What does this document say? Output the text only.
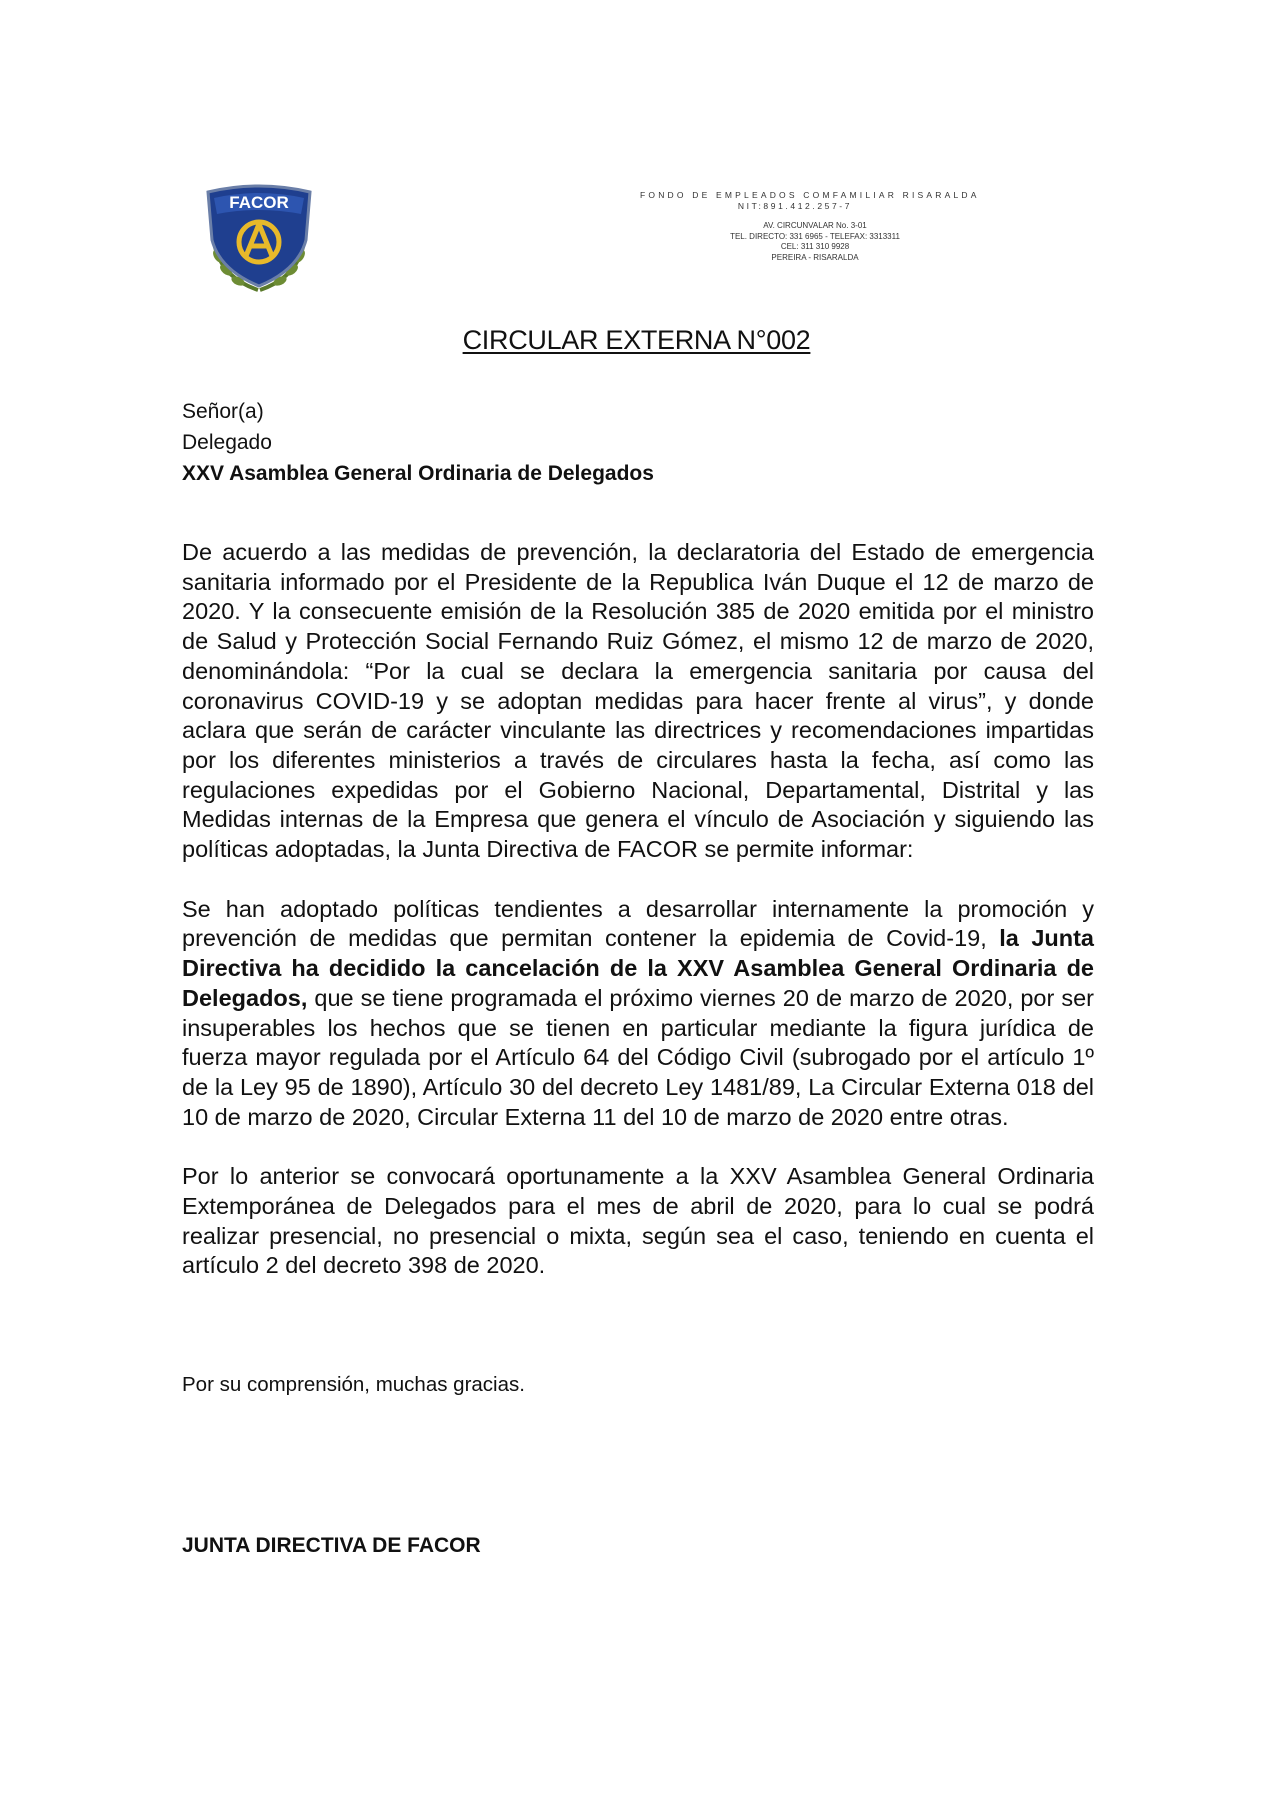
FACOR	FONDO DE EMPLEADOS COMFAMILIAR RISARALDA
NIT:891.412.257-7
AV. CIRCUNVALAR No. 3-01
TEL. DIRECTO: 331 6965 - TELEFAX: 3313311
CEL: 311 310 9928
PEREIRA - RISARALDA
CIRCULAR EXTERNA N°002
Señor(a)
Delegado
XXV Asamblea General Ordinaria de Delegados

De acuerdo a las medidas de prevención, la declaratoria del Estado de emergencia sanitaria informado por el Presidente de la Republica Iván Duque el 12 de marzo de 2020. Y la consecuente emisión de la Resolución 385 de 2020 emitida por el ministro de Salud y Protección Social Fernando Ruiz Gómez, el mismo 12 de marzo de 2020, denominándola: “Por la cual se declara la emergencia sanitaria por causa del coronavirus COVID-19 y se adoptan medidas para hacer frente al virus”, y donde aclara que serán de carácter vinculante las directrices y recomendaciones impartidas por los diferentes ministerios a través de circulares hasta la fecha, así como las regulaciones expedidas por el Gobierno Nacional, Departamental, Distrital y las Medidas internas de la Empresa que genera el vínculo de Asociación y siguiendo las políticas adoptadas, la Junta Directiva de FACOR se permite informar:

Se han adoptado políticas tendientes a desarrollar internamente la promoción y prevención de medidas que permitan contener la epidemia de Covid-19, la Junta Directiva ha decidido la cancelación de la XXV Asamblea General Ordinaria de Delegados, que se tiene programada el próximo viernes 20 de marzo de 2020, por ser insuperables los hechos que se tienen en particular mediante la figura jurídica de fuerza mayor regulada por el Artículo 64 del Código Civil (subrogado por el artículo 1º de la Ley 95 de 1890), Artículo 30 del decreto Ley 1481/89, La Circular Externa 018 del 10 de marzo de 2020, Circular Externa 11 del 10 de marzo de 2020 entre otras.

Por lo anterior se convocará oportunamente a la XXV Asamblea General Ordinaria Extemporánea de Delegados para el mes de abril de 2020, para lo cual se podrá realizar presencial, no presencial o mixta, según sea el caso, teniendo en cuenta el artículo 2 del decreto 398 de 2020.

Por su comprensión, muchas gracias.
JUNTA DIRECTIVA DE FACOR
